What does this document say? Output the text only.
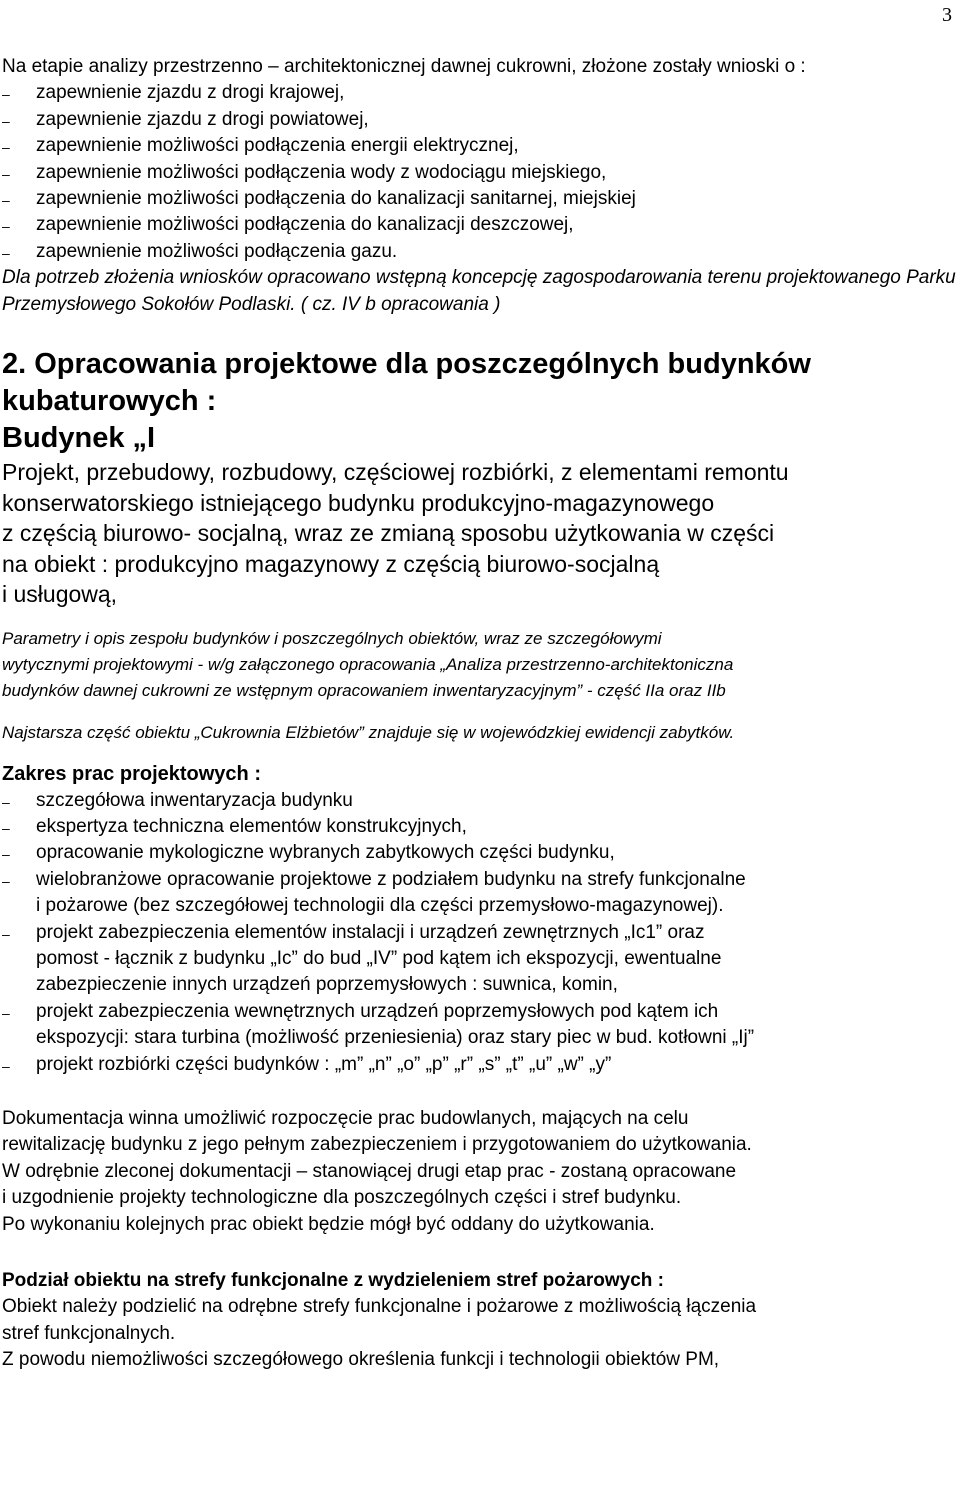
3

Na etapie analizy przestrzenno – architektonicznej dawnej cukrowni, złożone zostały wnioski o :

– zapewnienie zjazdu z drogi krajowej,
– zapewnienie zjazdu z drogi powiatowej,
– zapewnienie możliwości podłączenia energii elektrycznej,
– zapewnienie możliwości podłączenia wody z wodociągu miejskiego,
– zapewnienie możliwości podłączenia do kanalizacji sanitarnej, miejskiej
– zapewnienie możliwości podłączenia do kanalizacji deszczowej,
– zapewnienie możliwości podłączenia gazu.

Dla potrzeb złożenia wniosków opracowano wstępną koncepcję zagospodarowania terenu projektowanego Parku Przemysłowego Sokołów Podlaski. ( cz. IV b opracowania )

2. Opracowania projektowe dla poszczególnych budynków
kubaturowych :
Budynek „I

Projekt, przebudowy, rozbudowy, częściowej rozbiórki, z elementami remontu
konserwatorskiego istniejącego budynku produkcyjno-magazynowego
z częścią biurowo- socjalną, wraz ze zmianą sposobu użytkowania w części
na obiekt : produkcyjno magazynowy z częścią biurowo-socjalną
i usługową,

Parametry i opis zespołu budynków i poszczególnych obiektów, wraz ze szczegółowymi
wytycznymi projektowymi - w/g załączonego opracowania „Analiza przestrzenno-architektoniczna
budynków dawnej cukrowni ze wstępnym opracowaniem inwentaryzacyjnym” - część IIa oraz IIb

Najstarsza część obiektu „Cukrownia Elżbietów” znajduje się w wojewódzkiej ewidencji zabytków.

Zakres prac projektowych :

– szczegółowa inwentaryzacja budynku
– ekspertyza techniczna elementów konstrukcyjnych,
– opracowanie mykologiczne wybranych zabytkowych części budynku,
– wielobranżowe opracowanie projektowe z podziałem budynku na strefy funkcjonalne
i pożarowe (bez szczegółowej technologii dla części przemysłowo-magazynowej).
– projekt zabezpieczenia elementów instalacji i urządzeń zewnętrznych „Ic1” oraz
pomost - łącznik z budynku „Ic” do bud „IV” pod kątem ich ekspozycji, ewentualne
zabezpieczenie innych urządzeń poprzemysłowych : suwnica, komin,
– projekt zabezpieczenia wewnętrznych urządzeń poprzemysłowych pod kątem ich
ekspozycji: stara turbina (możliwość przeniesienia) oraz stary piec w bud. kotłowni „Ij”
– projekt rozbiórki części budynków : „m” „n” „o” „p” „r” „s” „t” „u” „w” „y”

Dokumentacja winna umożliwić rozpoczęcie prac budowlanych, mających na celu
rewitalizację budynku z jego pełnym zabezpieczeniem i przygotowaniem do użytkowania.
W odrębnie zleconej dokumentacji – stanowiącej drugi etap prac - zostaną opracowane
i uzgodnienie projekty technologiczne dla poszczególnych części i stref budynku.
Po wykonaniu kolejnych prac obiekt będzie mógł być oddany do użytkowania.

Podział obiektu na strefy funkcjonalne z wydzieleniem stref pożarowych :

Obiekt należy podzielić na odrębne strefy funkcjonalne i pożarowe z możliwością łączenia
stref funkcjonalnych.
Z powodu niemożliwości szczegółowego określenia funkcji i technologii obiektów PM,
